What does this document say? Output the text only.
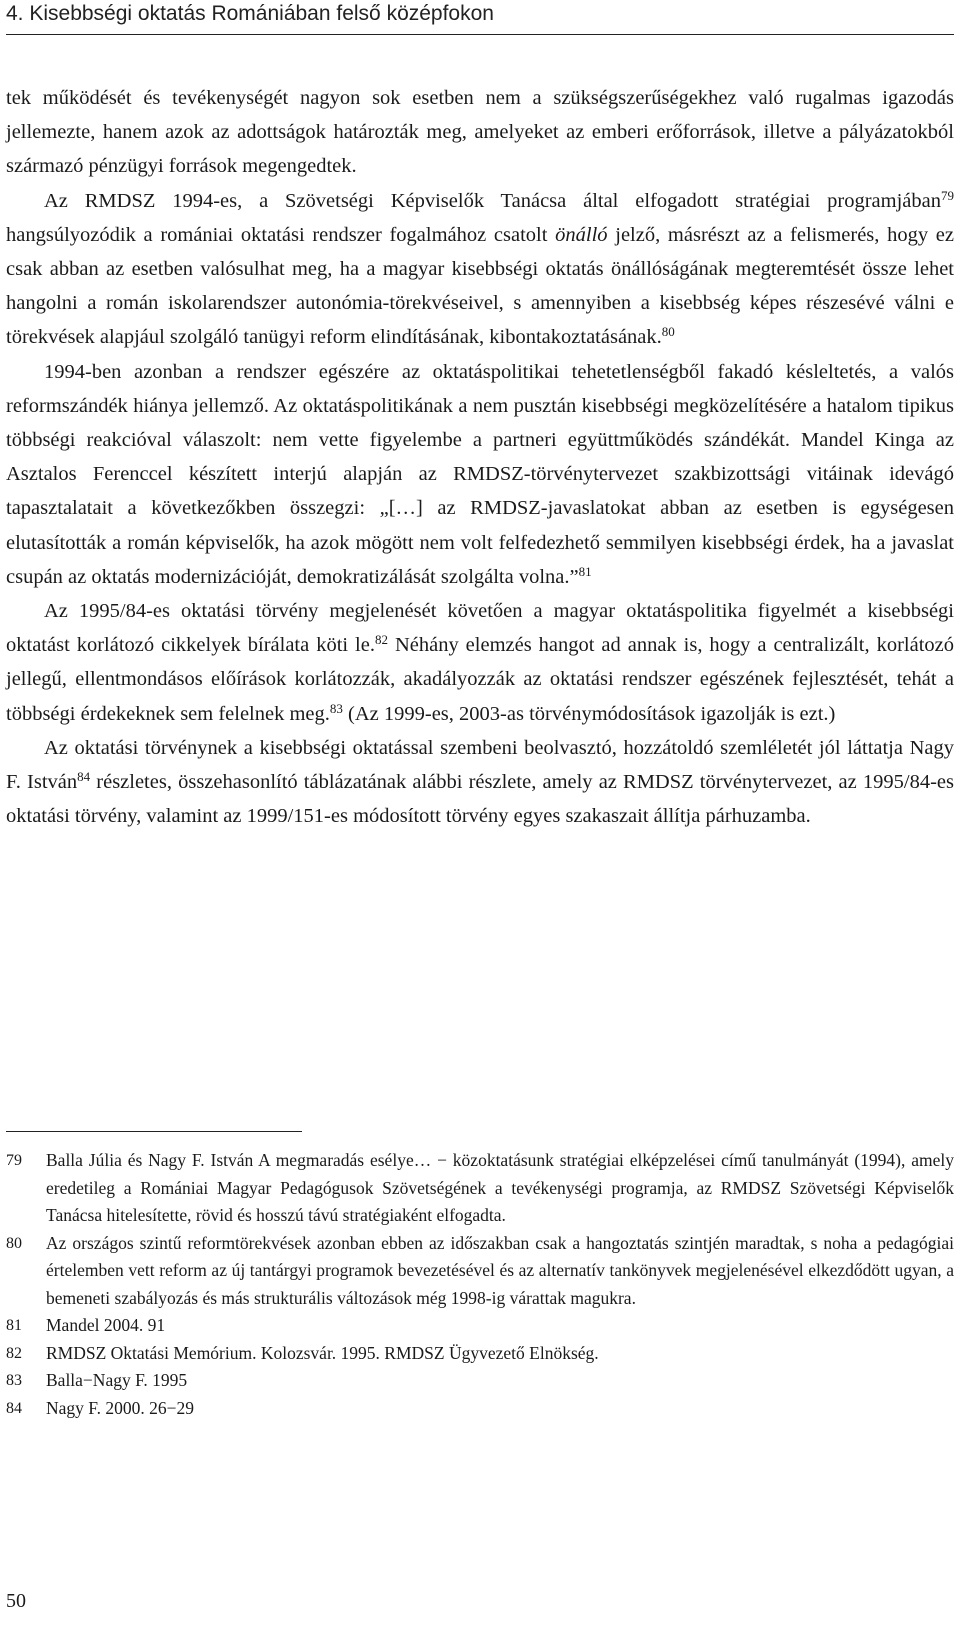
4. Kisebbségi oktatás Romániában felső középfokon

tek működését és tevékenységét nagyon sok esetben nem a szükségszerűségekhez való rugalmas igazodás jellemezte, hanem azok az adottságok határozták meg, amelyeket az emberi erőforrások, illetve a pályázatokból származó pénzügyi források megengedtek.

Az RMDSZ 1994-es, a Szövetségi Képviselők Tanácsa által elfogadott stratégiai programjában$^{79}$ hangsúlyozódik a romániai oktatási rendszer fogalmához csatolt önálló jelző, másrészt az a felismerés, hogy ez csak abban az esetben valósulhat meg, ha a magyar kisebbségi oktatás önállóságának megteremtését össze lehet hangolni a román iskolarendszer autonómia-törekvéseivel, s amennyiben a kisebbség képes részesévé válni e törekvések alapjául szolgáló tanügyi reform elindításának, kibontakoztatásának.$^{80}$

1994-ben azonban a rendszer egészére az oktatáspolitikai tehetetlenségből fakadó késleltetés, a valós reformszándék hiánya jellemző. Az oktatáspolitikának a nem pusztán kisebbségi megközelítésére a hatalom tipikus többségi reakcióval válaszolt: nem vette figyelembe a partneri együttműködés szándékát. Mandel Kinga az Asztalos Ferenccel készített interjú alapján az RMDSZ-törvénytervezet szakbizottsági vitáinak idevágó tapasztalatait a következőkben összegzi: „[…] az RMDSZ-javaslatokat abban az esetben is egységesen elutasították a román képviselők, ha azok mögött nem volt felfedezhető semmilyen kisebbségi érdek, ha a javaslat csupán az oktatás modernizációját, demokratizálását szolgálta volna.”$^{81}$

Az 1995/84-es oktatási törvény megjelenését követően a magyar oktatáspolitika figyelmét a kisebbségi oktatást korlátozó cikkelyek bírálata köti le.$^{82}$ Néhány elemzés hangot ad annak is, hogy a centralizált, korlátozó jellegű, ellentmondásos előírások korlátozzák, akadályozzák az oktatási rendszer egészének fejlesztését, tehát a többségi érdekeknek sem felelnek meg.$^{83}$ (Az 1999-es, 2003-as törvénymódosítások igazolják is ezt.)

Az oktatási törvénynek a kisebbségi oktatással szembeni beolvasztó, hozzátoldó szemléletét jól láttatja Nagy F. István$^{84}$ részletes, összehasonlító táblázatának alábbi részlete, amely az RMDSZ törvénytervezet, az 1995/84-es oktatási törvény, valamint az 1999/151-es módosított törvény egyes szakaszait állítja párhuzamba.

79	Balla Júlia és Nagy F. István A megmaradás esélye… − közoktatásunk stratégiai elképzelései című tanulmányát (1994), amely eredetileg a Romániai Magyar Pedagógusok Szövetségének a tevékenységi programja, az RMDSZ Szövetségi Képviselők Tanácsa hitelesítette, rövid és hosszú távú stratégiaként elfogadta.
80	Az országos szintű reformtörekvések azonban ebben az időszakban csak a hangoztatás szintjén maradtak, s noha a pedagógiai értelemben vett reform az új tantárgyi programok bevezetésével és az alternatív tankönyvek megjelenésével elkezdődött ugyan, a bemeneti szabályozás és más strukturális változások még 1998-ig várattak magukra.
81	Mandel 2004. 91
82	RMDSZ Oktatási Memórium. Kolozsvár. 1995. RMDSZ Ügyvezető Elnökség.
83	Balla−Nagy F. 1995
84	Nagy F. 2000. 26−29
50
